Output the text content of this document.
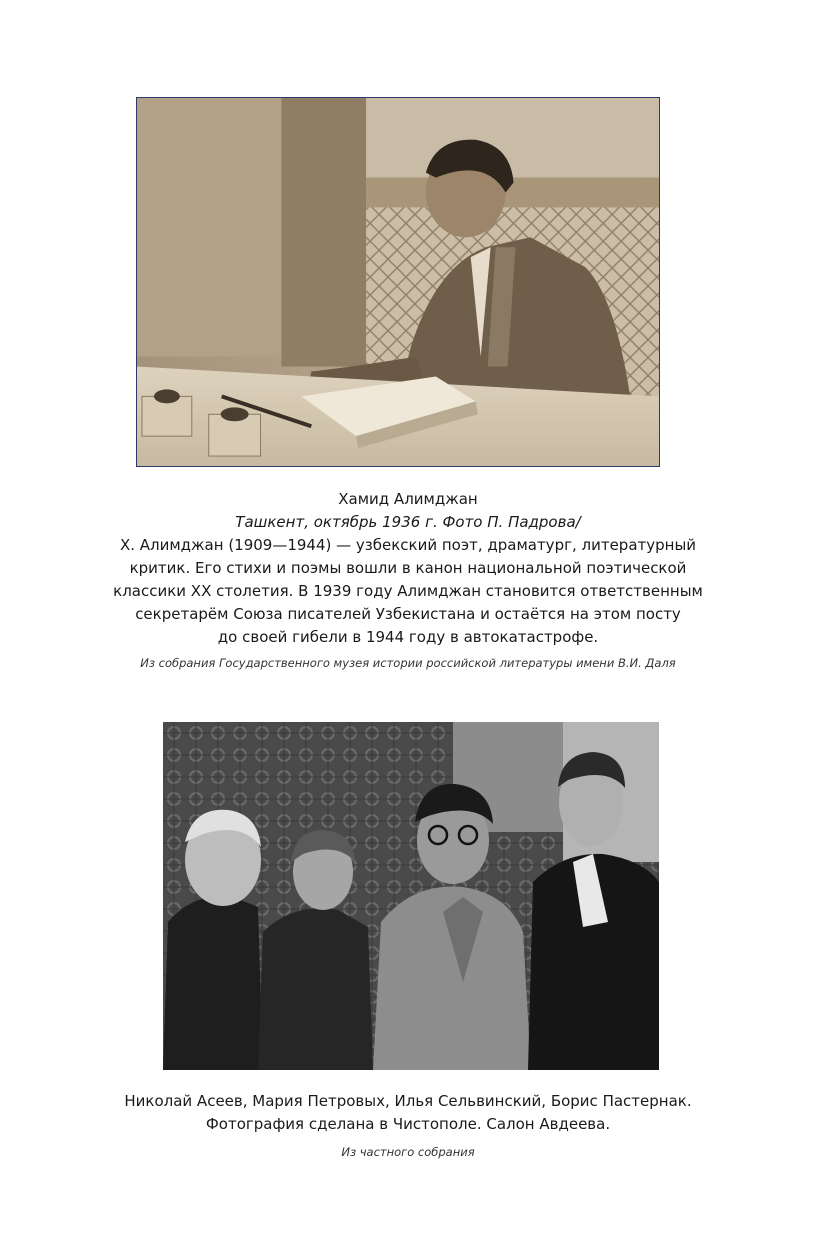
Хамид Алимджан
Ташкент, октябрь 1936 г. Фото П. Падрова/
Х. Алимджан (1909—1944) — узбекский поэт, драматург, литературный
критик. Его стихи и поэмы вошли в канон национальной поэтической
классики XX столетия. В 1939 году Алимджан становится ответственным
секретарём Союза писателей Узбекистана и остаётся на этом посту
до своей гибели в 1944 году в автокатастрофе.
Из собрания Государственного музея истории российской литературы имени В.И. Даля
Николай Асеев, Мария Петровых, Илья Сельвинский, Борис Пастернак.
Фотография сделана в Чистополе. Салон Авдеева.
Из частного собрания
